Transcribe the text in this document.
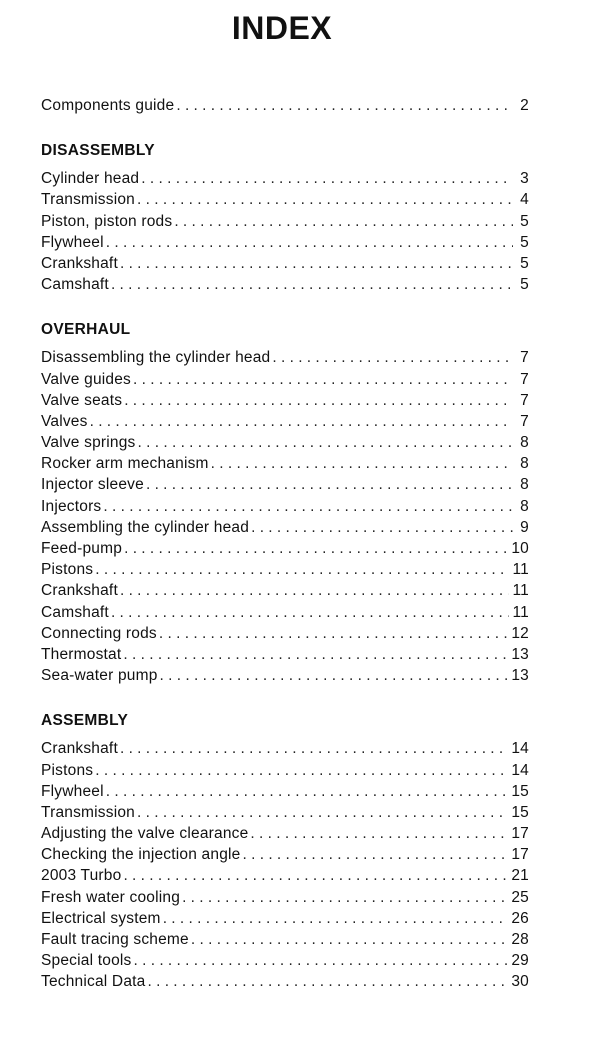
INDEX
Components guide . . .	2
DISASSEMBLY
Cylinder head . . .	3
Transmission . . .	4
Piston, piston rods . . .	5
Flywheel . . .	5
Crankshaft . . .	5
Camshaft . . .	5
OVERHAUL
Disassembling the cylinder head . . .	7
Valve guides . . .	7
Valve seats . . .	7
Valves . . .	7
Valve springs . . .	8
Rocker arm mechanism . . .	8
Injector sleeve . . .	8
Injectors . . .	8
Assembling the cylinder head . . .	9
Feed-pump . . .	10
Pistons . . .	11
Crankshaft . . .	11
Camshaft . . .	11
Connecting rods . . .	12
Thermostat . . .	13
Sea-water pump . . .	13
ASSEMBLY
Crankshaft . . .	14
Pistons . . .	14
Flywheel . . .	15
Transmission . . .	15
Adjusting the valve clearance . . .	17
Checking the injection angle . . .	17
2003 Turbo . . .	21
Fresh water cooling . . .	25
Electrical system . . .	26
Fault tracing scheme . . .	28
Special tools . . .	29
Technical Data . . .	30
